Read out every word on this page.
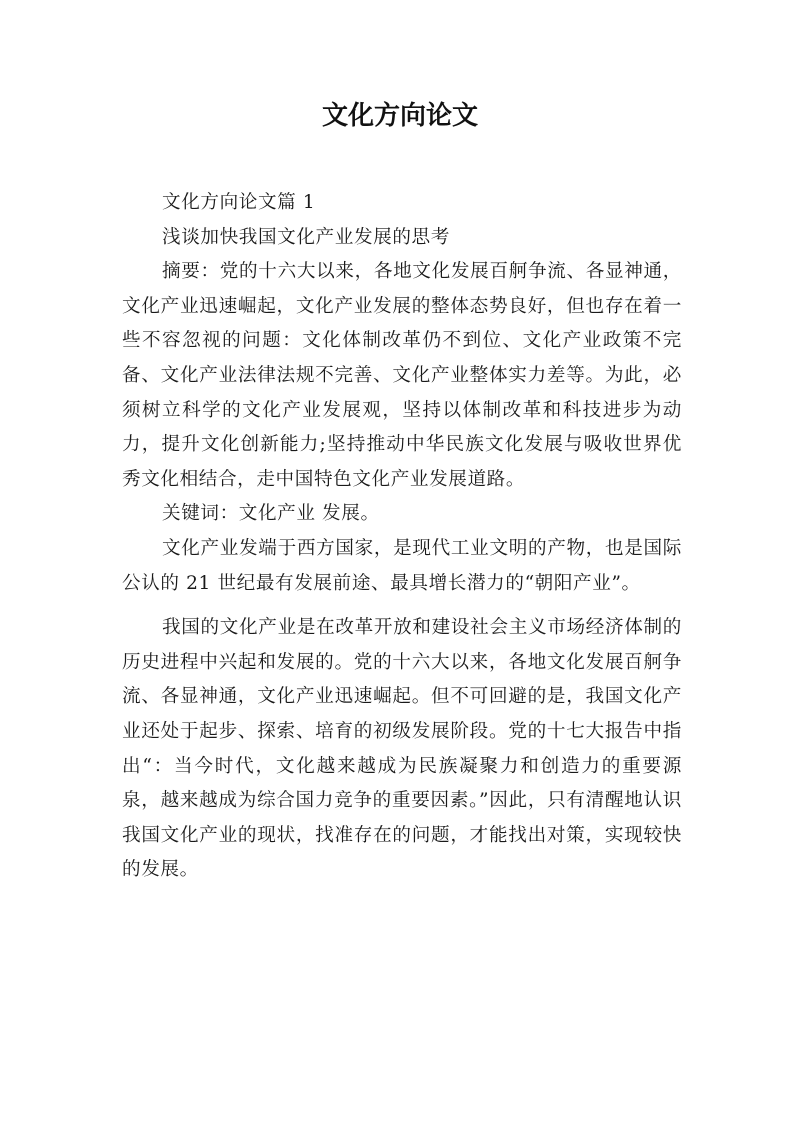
文化方向论文

文化方向论文篇 1

浅谈加快我国文化产业发展的思考

摘要：党的十六大以来，各地文化发展百舸争流、各显神通，文化产业迅速崛起，文化产业发展的整体态势良好，但也存在着一些不容忽视的问题：文化体制改革仍不到位、文化产业政策不完备、文化产业法律法规不完善、文化产业整体实力差等。为此，必须树立科学的文化产业发展观，坚持以体制改革和科技进步为动力，提升文化创新能力;坚持推动中华民族文化发展与吸收世界优秀文化相结合，走中国特色文化产业发展道路。

关键词：文化产业 发展。

文化产业发端于西方国家，是现代工业文明的产物，也是国际公认的 21 世纪最有发展前途、最具增长潜力的“朝阳产业”。

我国的文化产业是在改革开放和建设社会主义市场经济体制的历史进程中兴起和发展的。党的十六大以来，各地文化发展百舸争流、各显神通，文化产业迅速崛起。但不可回避的是，我国文化产业还处于起步、探索、培育的初级发展阶段。党的十七大报告中指出“：当今时代，文化越来越成为民族凝聚力和创造力的重要源泉，越来越成为综合国力竞争的重要因素。”因此，只有清醒地认识我国文化产业的现状，找准存在的问题，才能找出对策，实现较快的发展。
